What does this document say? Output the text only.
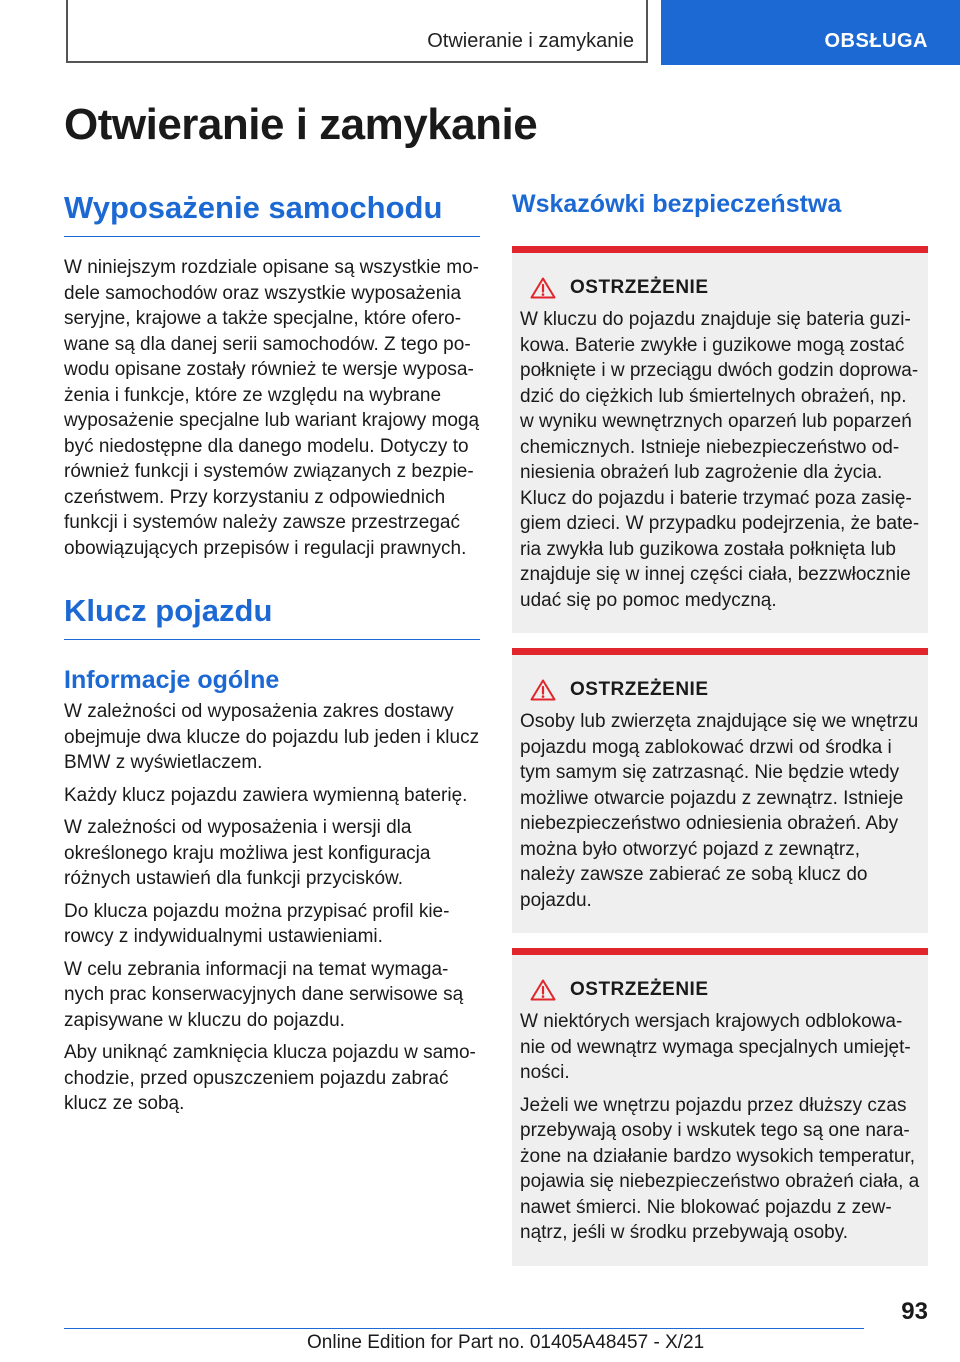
Otwieranie i zamykanie	OBSŁUGA
Otwieranie i zamykanie
Wyposażenie samochodu

W niniejszym rozdziale opisane są wszystkie modele samochodów oraz wszystkie wyposażenia seryjne, krajowe a także specjalne, które oferowane są dla danej serii samochodów. Z tego powodu opisane zostały również te wersje wyposażenia i funkcje, które ze względu na wybrane wyposażenie specjalne lub wariant krajowy mogą być niedostępne dla danego modelu. Dotyczy to również funkcji i systemów związanych z bezpieczeństwem. Przy korzystaniu z odpowiednich funkcji i systemów należy zawsze przestrzegać obowiązujących przepisów i regulacji prawnych.

Klucz pojazdu
Informacje ogólne

W zależności od wyposażenia zakres dostawy obejmuje dwa klucze do pojazdu lub jeden i klucz BMW z wyświetlaczem.

Każdy klucz pojazdu zawiera wymienną baterię.

W zależności od wyposażenia i wersji dla określonego kraju możliwa jest konfiguracja różnych ustawień dla funkcji przycisków.

Do klucza pojazdu można przypisać profil kierowcy z indywidualnymi ustawieniami.

W celu zebrania informacji na temat wymaganych prac konserwacyjnych dane serwisowe są zapisywane w kluczu do pojazdu.

Aby uniknąć zamknięcia klucza pojazdu w samochodzie, przed opuszczeniem pojazdu zabrać klucz ze sobą.

Wskazówki bezpieczeństwa
OSTRZEŻENIE

W kluczu do pojazdu znajduje się bateria guzikowa. Baterie zwykłe i guzikowe mogą zostać połknięte i w przeciągu dwóch godzin doprowadzić do ciężkich lub śmiertelnych obrażeń, np. w wyniku wewnętrznych oparzeń lub poparzeń chemicznych. Istnieje niebezpieczeństwo odniesienia obrażeń lub zagrożenie dla życia. Klucz do pojazdu i baterie trzymać poza zasięgiem dzieci. W przypadku podejrzenia, że bateria zwykła lub guzikowa została połknięta lub znajduje się w innej części ciała, bezzwłocznie udać się po pomoc medyczną.

OSTRZEŻENIE

Osoby lub zwierzęta znajdujące się we wnętrzu pojazdu mogą zablokować drzwi od środka i tym samym się zatrzasnąć. Nie będzie wtedy możliwe otwarcie pojazdu z zewnątrz. Istnieje niebezpieczeństwo odniesienia obrażeń. Aby można było otworzyć pojazd z zewnątrz, należy zawsze zabierać ze sobą klucz do pojazdu.

OSTRZEŻENIE

W niektórych wersjach krajowych odblokowanie od wewnątrz wymaga specjalnych umiejętności.

Jeżeli we wnętrzu pojazdu przez dłuższy czas przebywają osoby i wskutek tego są one narażone na działanie bardzo wysokich temperatur, pojawia się niebezpieczeństwo obrażeń ciała, a nawet śmierci. Nie blokować pojazdu z zewnątrz, jeśli w środku przebywają osoby.

93
Online Edition for Part no. 01405A48457 - X/21
